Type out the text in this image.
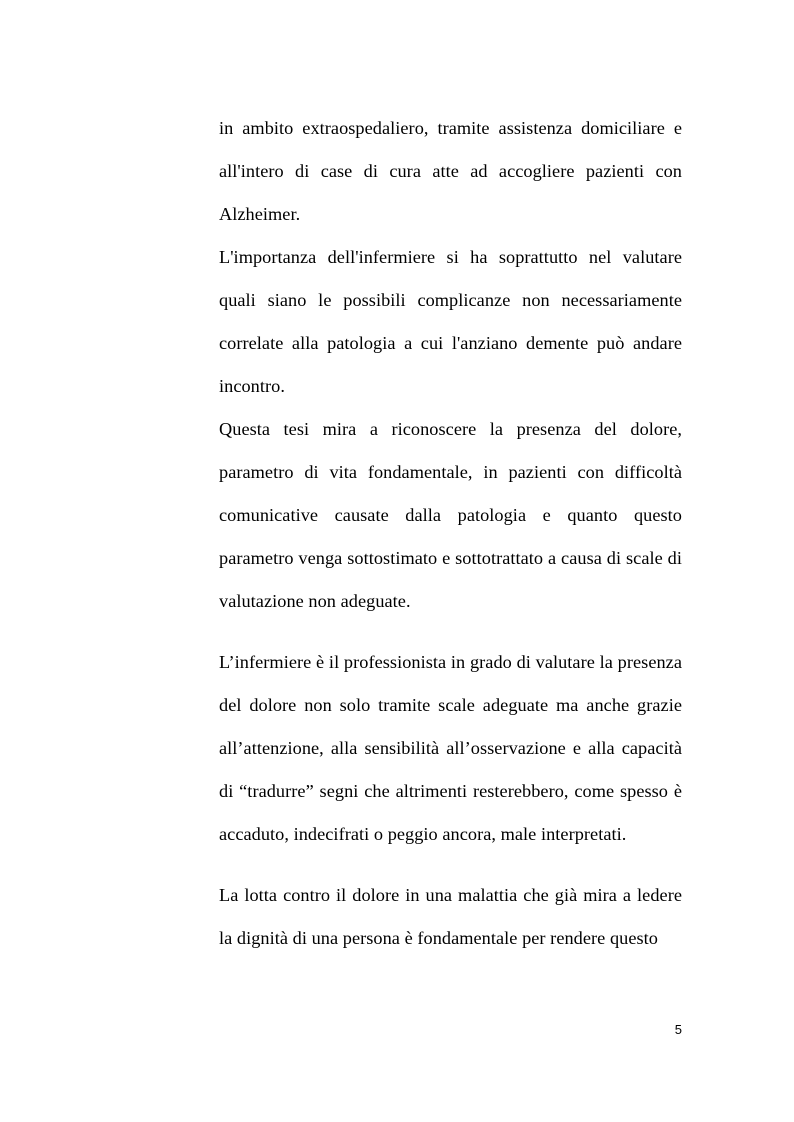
in ambito extraospedaliero, tramite assistenza domiciliare e all'intero di case di cura atte ad accogliere pazienti con Alzheimer.

L'importanza dell'infermiere si ha soprattutto nel valutare quali siano le possibili complicanze non necessariamente correlate alla patologia a cui l'anziano demente può andare incontro.

Questa tesi mira a riconoscere la presenza del dolore, parametro di vita fondamentale, in pazienti con difficoltà comunicative causate dalla patologia e quanto questo parametro venga sottostimato e sottotrattato a causa di scale di valutazione non adeguate.

L’infermiere è il professionista in grado di valutare la presenza del dolore non solo tramite scale adeguate ma anche grazie all’attenzione, alla sensibilità all’osservazione e alla capacità di “tradurre” segni che altrimenti resterebbero, come spesso è accaduto, indecifrati o peggio ancora, male interpretati.

La lotta contro il dolore in una malattia che già mira a ledere la dignità di una persona è fondamentale per rendere questo

5
